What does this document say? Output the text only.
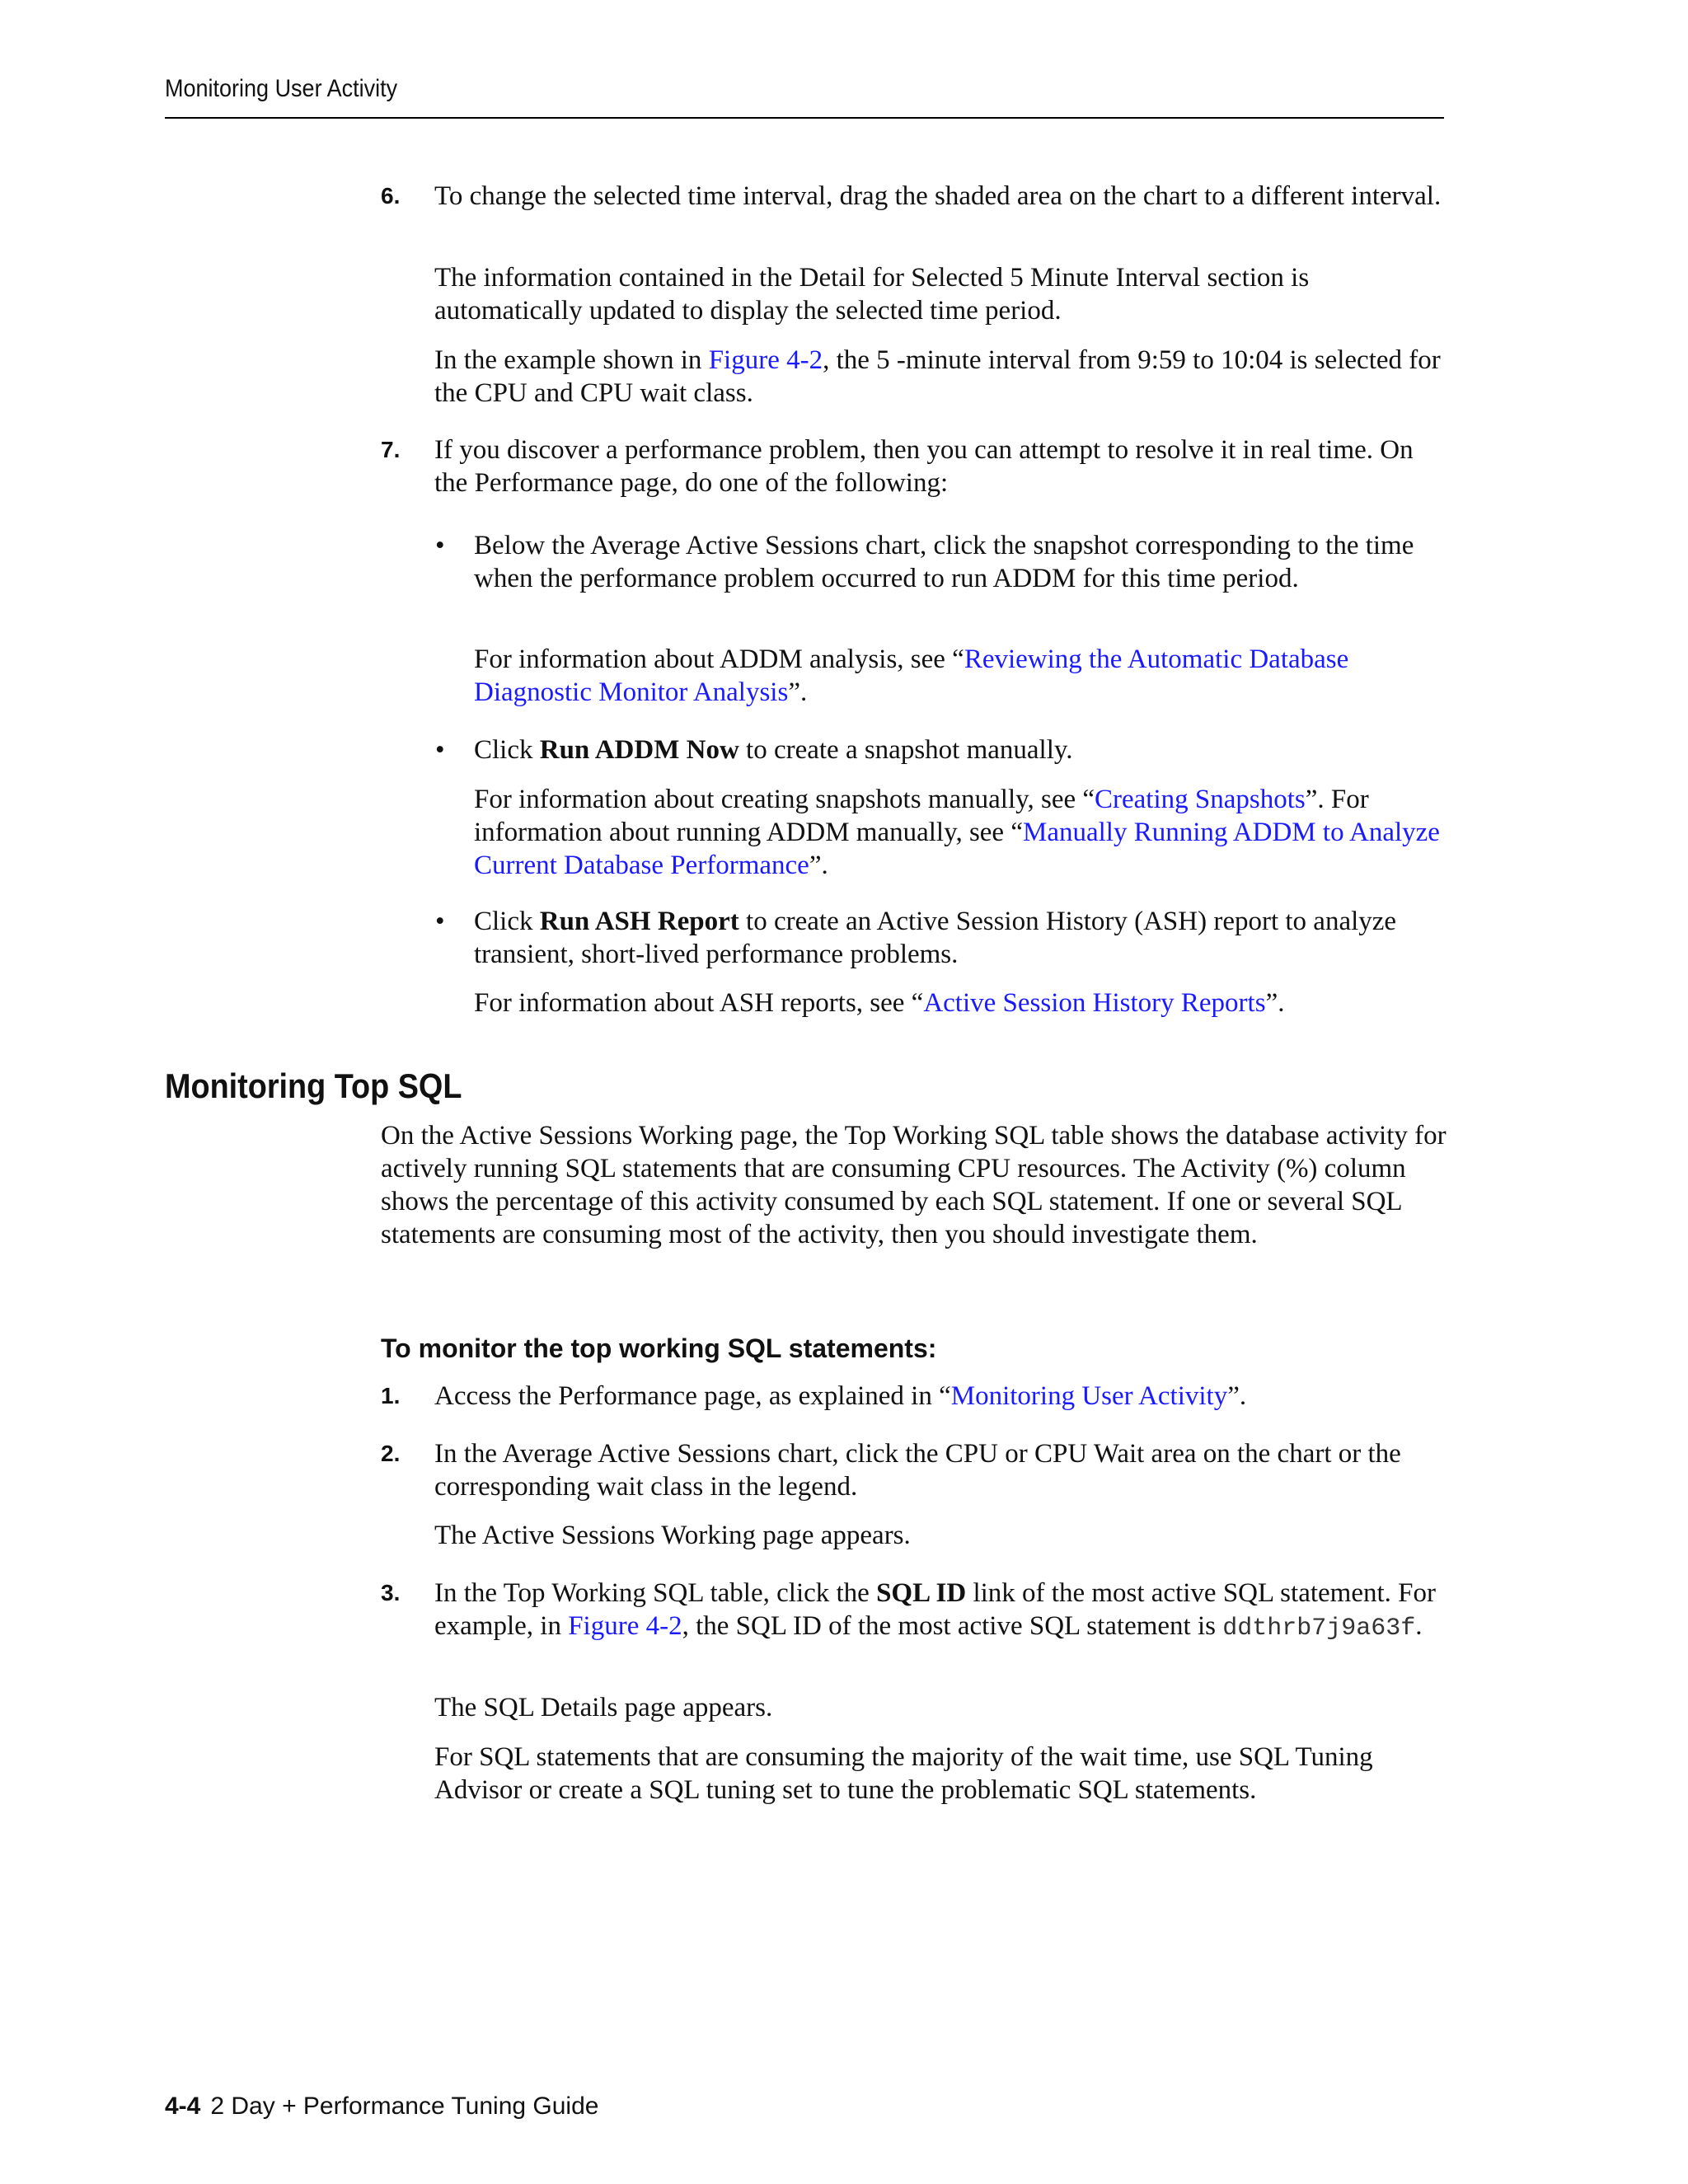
Monitoring User Activity
6. To change the selected time interval, drag the shaded area on the chart to a different interval.

The information contained in the Detail for Selected 5 Minute Interval section is automatically updated to display the selected time period.

In the example shown in Figure 4-2, the 5 -minute interval from 9:59 to 10:04 is selected for the CPU and CPU wait class.

7. If you discover a performance problem, then you can attempt to resolve it in real time. On the Performance page, do one of the following:

• Below the Average Active Sessions chart, click the snapshot corresponding to the time when the performance problem occurred to run ADDM for this time period.

For information about ADDM analysis, see “Reviewing the Automatic Database Diagnostic Monitor Analysis”.

• Click Run ADDM Now to create a snapshot manually.

For information about creating snapshots manually, see “Creating Snapshots”. For information about running ADDM manually, see “Manually Running ADDM to Analyze Current Database Performance”.

• Click Run ASH Report to create an Active Session History (ASH) report to analyze transient, short-lived performance problems.

For information about ASH reports, see “Active Session History Reports”.

Monitoring Top SQL

On the Active Sessions Working page, the Top Working SQL table shows the database activity for actively running SQL statements that are consuming CPU resources. The Activity (%) column shows the percentage of this activity consumed by each SQL statement. If one or several SQL statements are consuming most of the activity, then you should investigate them.

To monitor the top working SQL statements:
1. Access the Performance page, as explained in “Monitoring User Activity”.

2. In the Average Active Sessions chart, click the CPU or CPU Wait area on the chart or the corresponding wait class in the legend.

The Active Sessions Working page appears.

3. In the Top Working SQL table, click the SQL ID link of the most active SQL statement. For example, in Figure 4-2, the SQL ID of the most active SQL statement is ddthrb7j9a63f.

The SQL Details page appears.

For SQL statements that are consuming the majority of the wait time, use SQL Tuning Advisor or create a SQL tuning set to tune the problematic SQL statements.

4-4 2 Day + Performance Tuning Guide
